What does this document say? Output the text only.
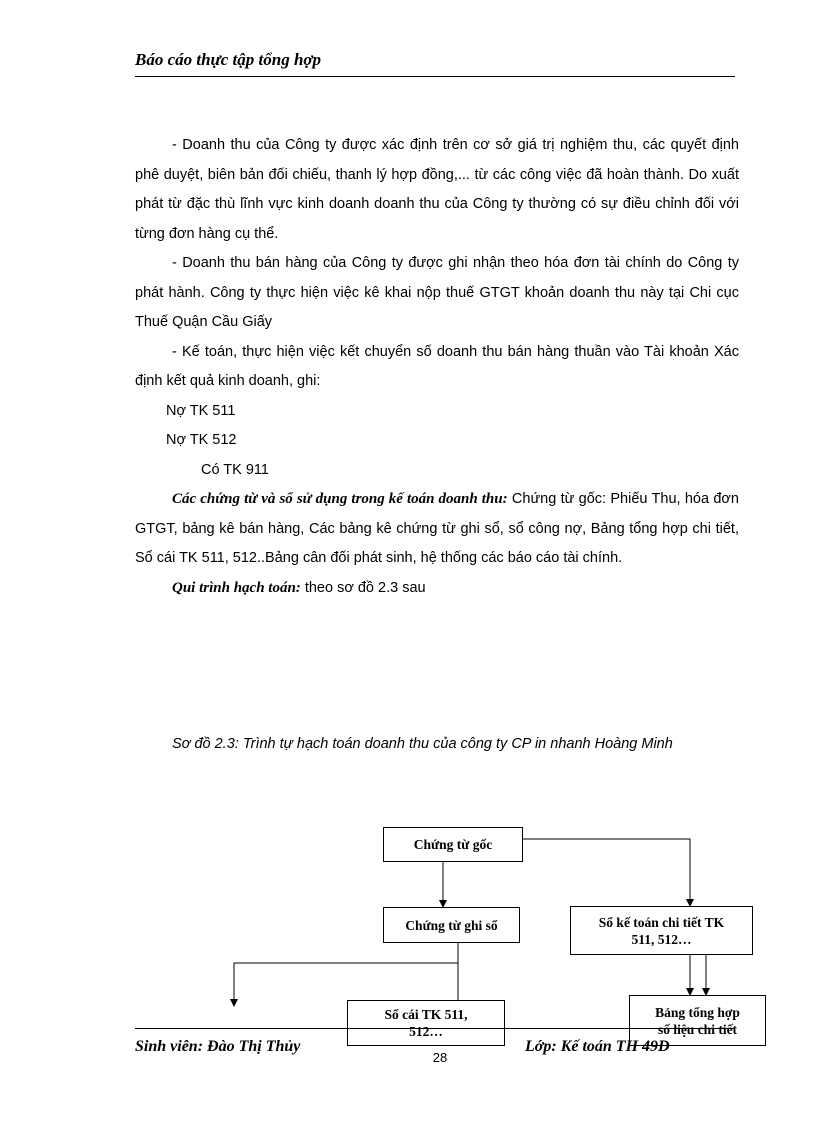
Báo cáo thực tập tổng hợp

- Doanh thu của Công ty được xác định trên cơ sở giá trị nghiệm thu, các quyết định phê duyệt, biên bản đối chiếu, thanh lý hợp đồng,... từ các công việc đã hoàn thành. Do xuất phát từ đặc thù lĩnh vực kinh doanh doanh thu của Công ty thường có sự điều chỉnh đối với từng đơn hàng cụ thể.

- Doanh thu bán hàng của Công ty được ghi nhận theo hóa đơn tài chính do Công ty phát hành. Công ty thực hiện việc kê khai nộp thuế GTGT khoản doanh thu này tại Chi cục Thuế Quận Cầu Giấy

- Kế toán, thực hiện việc kết chuyển số doanh thu bán hàng thuần vào Tài khoản Xác định kết quả kinh doanh, ghi:

Nợ TK 511

Nợ TK 512

Có TK 911

Các chứng từ và sổ sử dụng trong kế toán doanh thu: Chứng từ gốc: Phiếu Thu, hóa đơn GTGT, bảng kê bán hàng, Các bảng kê chứng từ ghi sổ, sổ công nợ, Bảng tổng hợp chi tiết, Sổ cái TK 511, 512..Bảng cân đối phát sinh, hệ thống các báo cáo tài chính.

Qui trình hạch toán: theo sơ đồ 2.3 sau

Sơ đồ 2.3: Trình tự hạch toán doanh thu của công ty CP in nhanh Hoàng Minh

Chứng từ gốc
Chứng từ ghi sổ	Sổ kế toán chi tiết TK
511, 512…
Sổ cái TK 511,
512…
Bảng tổng hợp
số liệu chi tiết
Sinh viên: Đào Thị Thủy	Lớp: Kế toán TH 49D
28
